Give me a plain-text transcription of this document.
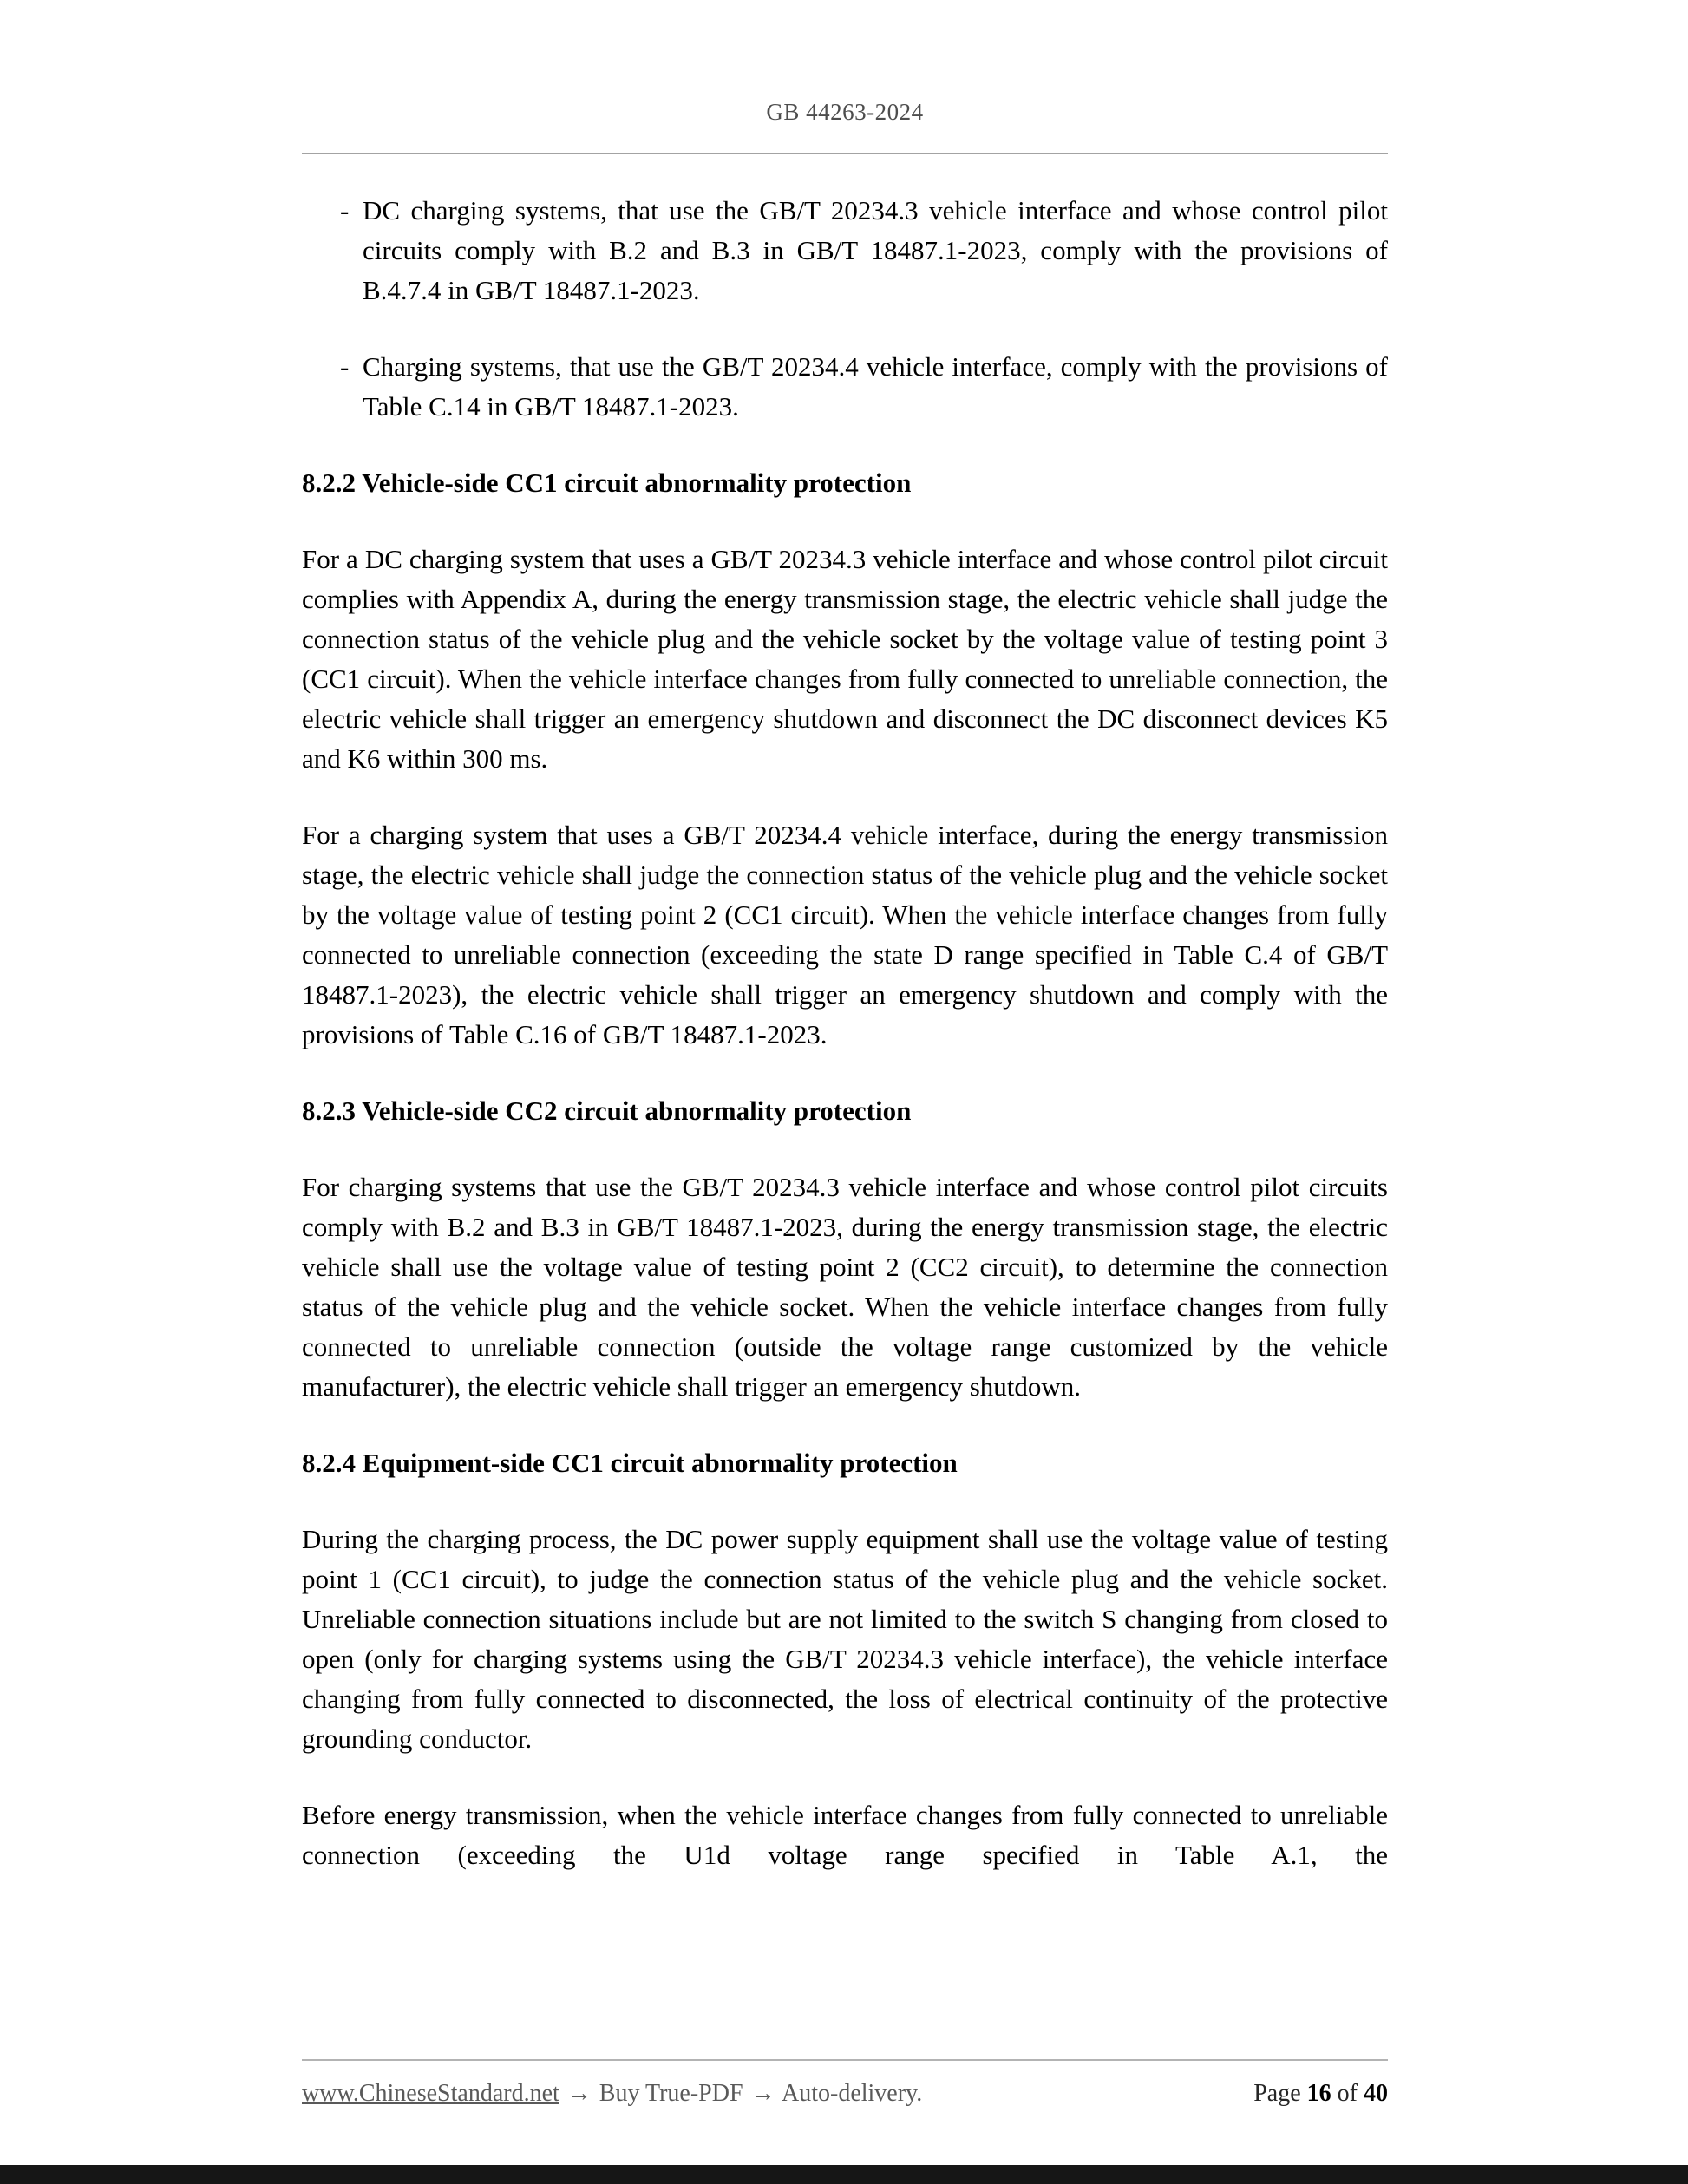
GB 44263-2024
- DC charging systems, that use the GB/T 20234.3 vehicle interface and whose control pilot circuits comply with B.2 and B.3 in GB/T 18487.1-2023, comply with the provisions of B.4.7.4 in GB/T 18487.1-2023.
- Charging systems, that use the GB/T 20234.4 vehicle interface, comply with the provisions of Table C.14 in GB/T 18487.1-2023.
8.2.2 Vehicle-side CC1 circuit abnormality protection

For a DC charging system that uses a GB/T 20234.3 vehicle interface and whose control pilot circuit complies with Appendix A, during the energy transmission stage, the electric vehicle shall judge the connection status of the vehicle plug and the vehicle socket by the voltage value of testing point 3 (CC1 circuit). When the vehicle interface changes from fully connected to unreliable connection, the electric vehicle shall trigger an emergency shutdown and disconnect the DC disconnect devices K5 and K6 within 300 ms.

For a charging system that uses a GB/T 20234.4 vehicle interface, during the energy transmission stage, the electric vehicle shall judge the connection status of the vehicle plug and the vehicle socket by the voltage value of testing point 2 (CC1 circuit). When the vehicle interface changes from fully connected to unreliable connection (exceeding the state D range specified in Table C.4 of GB/T 18487.1-2023), the electric vehicle shall trigger an emergency shutdown and comply with the provisions of Table C.16 of GB/T 18487.1-2023.

8.2.3 Vehicle-side CC2 circuit abnormality protection

For charging systems that use the GB/T 20234.3 vehicle interface and whose control pilot circuits comply with B.2 and B.3 in GB/T 18487.1-2023, during the energy transmission stage, the electric vehicle shall use the voltage value of testing point 2 (CC2 circuit), to determine the connection status of the vehicle plug and the vehicle socket. When the vehicle interface changes from fully connected to unreliable connection (outside the voltage range customized by the vehicle manufacturer), the electric vehicle shall trigger an emergency shutdown.

8.2.4 Equipment-side CC1 circuit abnormality protection

During the charging process, the DC power supply equipment shall use the voltage value of testing point 1 (CC1 circuit), to judge the connection status of the vehicle plug and the vehicle socket. Unreliable connection situations include but are not limited to the switch S changing from closed to open (only for charging systems using the GB/T 20234.3 vehicle interface), the vehicle interface changing from fully connected to disconnected, the loss of electrical continuity of the protective grounding conductor.

Before energy transmission, when the vehicle interface changes from fully connected to unreliable connection (exceeding the U1d voltage range specified in Table A.1, the

www.ChineseStandard.net → Buy True-PDF → Auto-delivery.	Page 16 of 40
